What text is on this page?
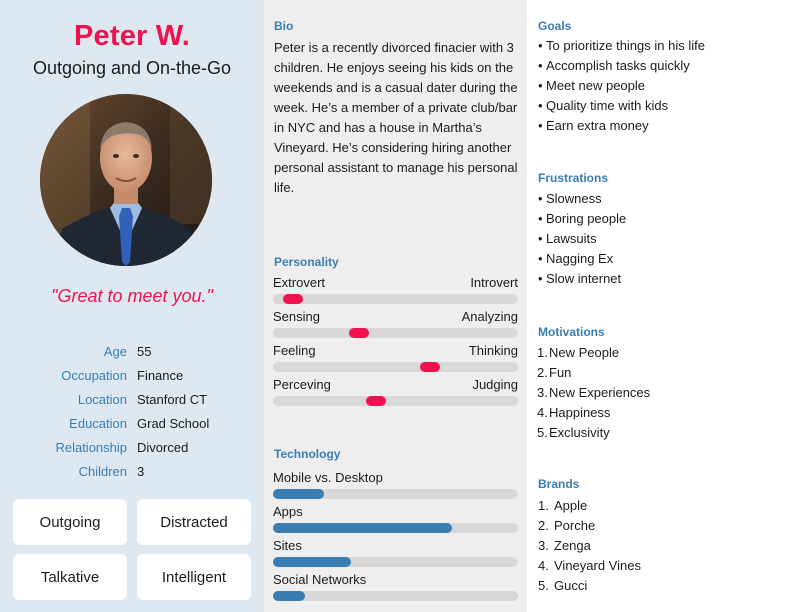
Peter W.
Outgoing and On-the-Go
"Great to meet you."
Age 55
Occupation Finance
Location Stanford CT
Education Grad School
Relationship Divorced
Children 3
Outgoing	Distracted
Talkative	Intelligent
Bio
Peter is a recently divorced finacier with 3 children. He enjoys seeing his kids on the weekends and is a casual dater during the week. He’s a member of a private club/bar in NYC and has a house in Martha’s Vineyard. He’s considering hiring another personal assistant to manage his personal life.
Personality
Extrovert	Introvert
Sensing	Analyzing
Feeling	Thinking
Perceving	Judging
Technology
Mobile vs. Desktop
Apps
Sites
Social Networks
Goals
• To prioritize things in his life
• Accomplish tasks quickly
• Meet new people
• Quality time with kids
• Earn extra money
Frustrations
• Slowness
• Boring people
• Lawsuits
• Nagging Ex
• Slow internet
Motivations
1.New People
2.Fun
3.New Experiences
4.Happiness
5.Exclusivity
Brands
1. Apple
2. Porche
3. Zenga
4. Vineyard Vines
5. Gucci
